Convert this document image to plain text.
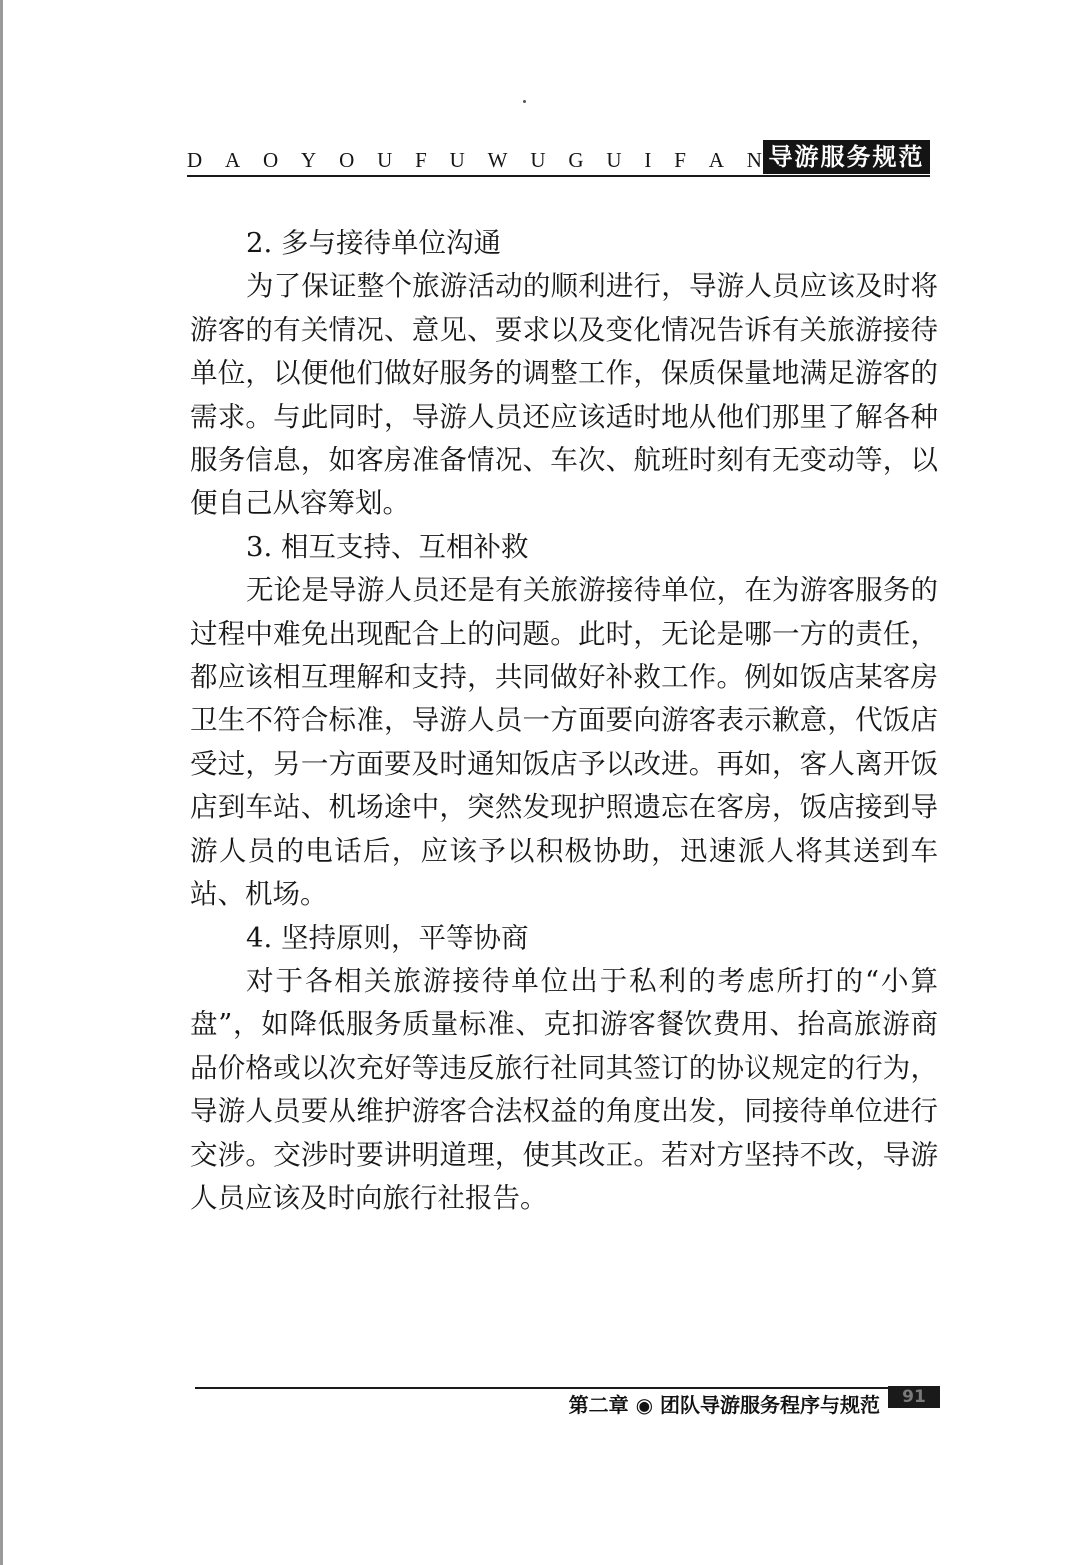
D A O Y O U F U W U G U I F A N 导游服务规范

2. 多与接待单位沟通

为了保证整个旅游活动的顺利进行，导游人员应该及时将游客的有关情况、意见、要求以及变化情况告诉有关旅游接待单位，以便他们做好服务的调整工作，保质保量地满足游客的需求。与此同时，导游人员还应该适时地从他们那里了解各种服务信息，如客房准备情况、车次、航班时刻有无变动等，以便自己从容筹划。

3. 相互支持、互相补救

无论是导游人员还是有关旅游接待单位，在为游客服务的过程中难免出现配合上的问题。此时，无论是哪一方的责任，都应该相互理解和支持，共同做好补救工作。例如饭店某客房卫生不符合标准，导游人员一方面要向游客表示歉意，代饭店受过，另一方面要及时通知饭店予以改进。再如，客人离开饭店到车站、机场途中，突然发现护照遗忘在客房，饭店接到导游人员的电话后，应该予以积极协助，迅速派人将其送到车站、机场。

4. 坚持原则，平等协商

对于各相关旅游接待单位出于私利的考虑所打的“小算盘”，如降低服务质量标准、克扣游客餐饮费用、抬高旅游商品价格或以次充好等违反旅行社同其签订的协议规定的行为，导游人员要从维护游客合法权益的角度出发，同接待单位进行交涉。交涉时要讲明道理，使其改正。若对方坚持不改，导游人员应该及时向旅行社报告。

第二章 ◉ 团队导游服务程序与规范	91
